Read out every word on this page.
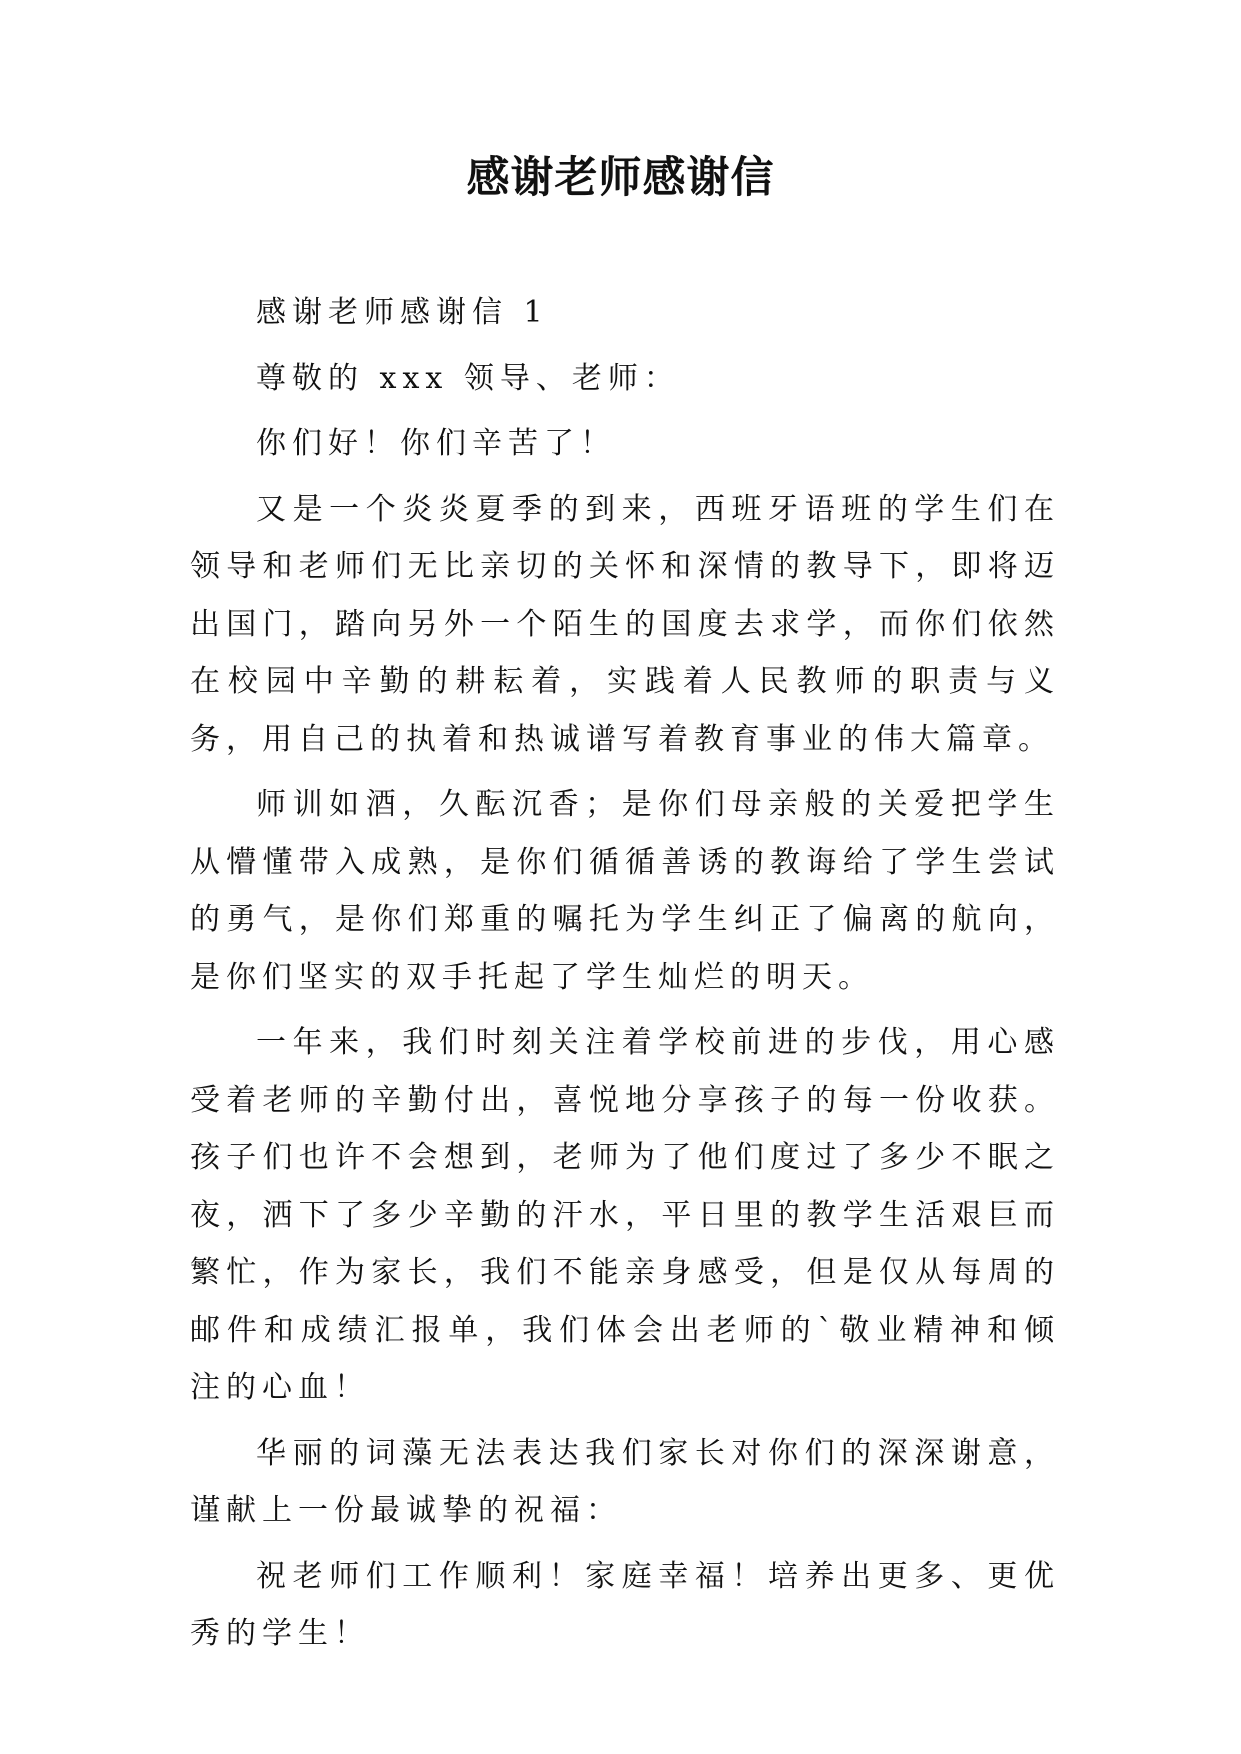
感谢老师感谢信

感谢老师感谢信 1

尊敬的 xxx 领导、老师：

你们好！你们辛苦了！

又是一个炎炎夏季的到来，西班牙语班的学生们在领导和老师们无比亲切的关怀和深情的教导下，即将迈出国门，踏向另外一个陌生的国度去求学，而你们依然在校园中辛勤的耕耘着，实践着人民教师的职责与义务，用自己的执着和热诚谱写着教育事业的伟大篇章。

师训如酒，久酝沉香；是你们母亲般的关爱把学生从懵懂带入成熟，是你们循循善诱的教诲给了学生尝试的勇气，是你们郑重的嘱托为学生纠正了偏离的航向，是你们坚实的双手托起了学生灿烂的明天。

一年来，我们时刻关注着学校前进的步伐，用心感受着老师的辛勤付出，喜悦地分享孩子的每一份收获。孩子们也许不会想到，老师为了他们度过了多少不眠之夜，洒下了多少辛勤的汗水，平日里的教学生活艰巨而繁忙，作为家长，我们不能亲身感受，但是仅从每周的邮件和成绩汇报单，我们体会出老师的`敬业精神和倾注的心血！

华丽的词藻无法表达我们家长对你们的深深谢意，谨献上一份最诚挚的祝福：

祝老师们工作顺利！家庭幸福！培养出更多、更优秀的学生！
